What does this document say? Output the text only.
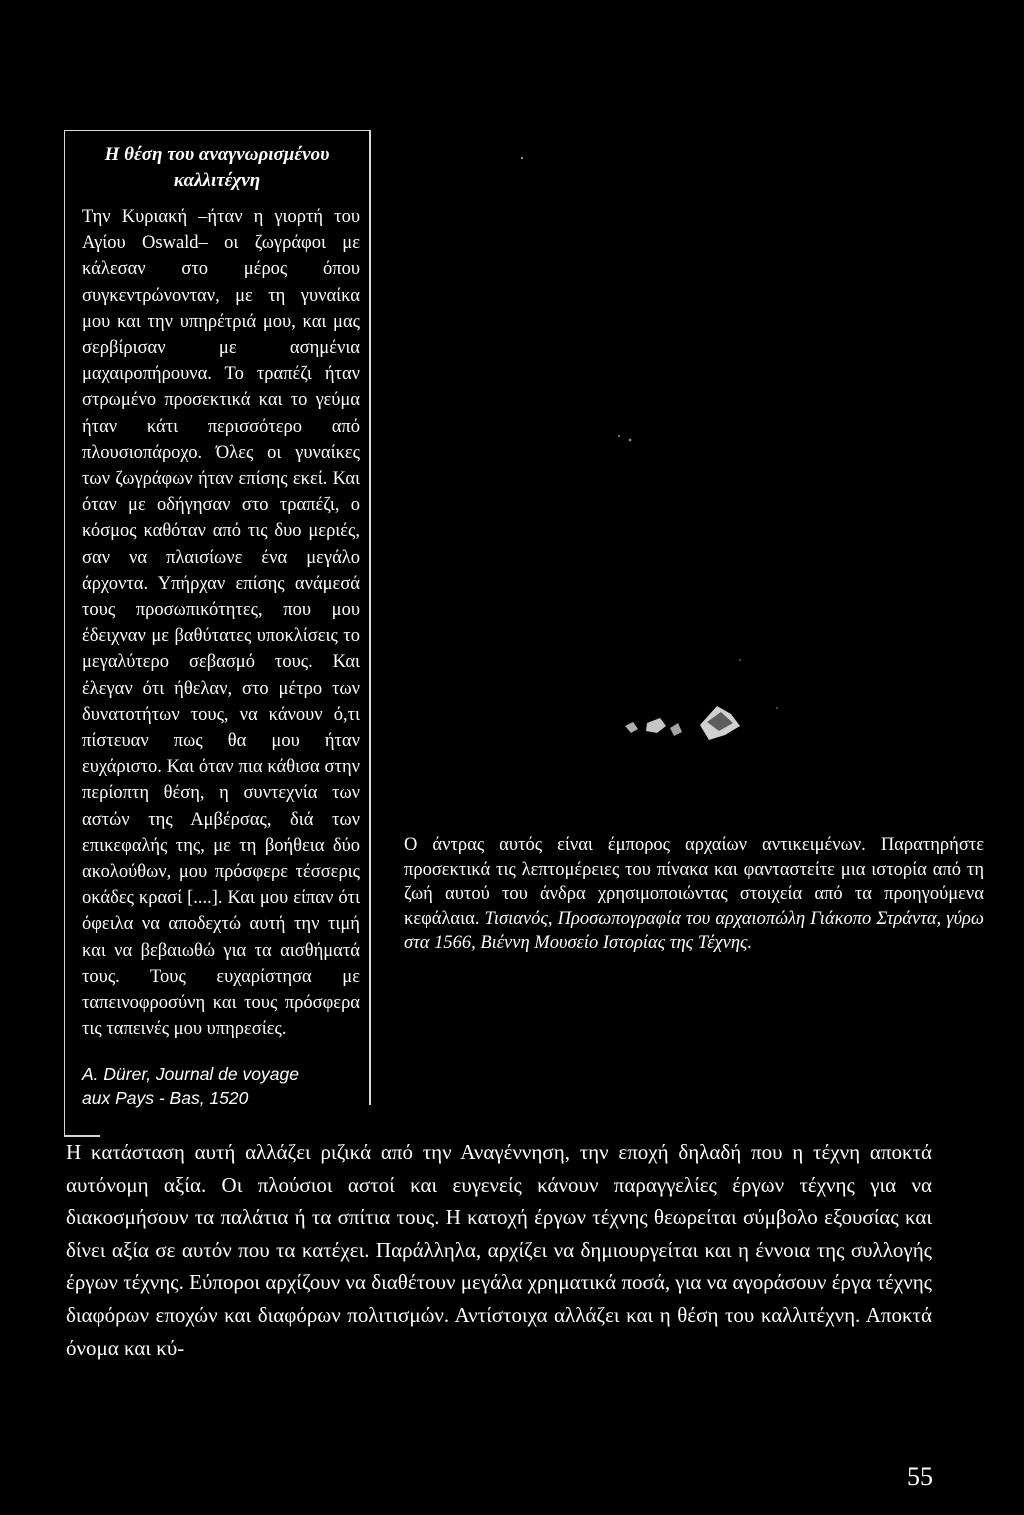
Η θέση του αναγνωρισμένου
καλλιτέχνη

Την Κυριακή –ήταν η γιορτή του Αγίου Oswald– οι ζωγράφοι με κάλεσαν στο μέρος όπου συγκεντρώνονταν, με τη γυναίκα μου και την υπηρέτριά μου, και μας σερβίρισαν με ασημένια μαχαιροπήρουνα. Το τραπέζι ήταν στρωμένο προσεκτικά και το γεύμα ήταν κάτι περισσότερο από πλουσιοπάροχο. Όλες οι γυναίκες των ζωγράφων ήταν επίσης εκεί. Και όταν με οδήγησαν στο τραπέζι, ο κόσμος καθόταν από τις δυο μεριές, σαν να πλαισίωνε ένα μεγάλο άρχοντα. Υπήρχαν επίσης ανάμεσά τους προσωπικότητες, που μου έδειχναν με βαθύτατες υποκλίσεις το μεγαλύτερο σεβασμό τους. Και έλεγαν ότι ήθελαν, στο μέτρο των δυνατοτήτων τους, να κάνουν ό,τι πίστευαν πως θα μου ήταν ευχάριστο. Και όταν πια κάθισα στην περίοπτη θέση, η συντεχνία των αστών της Αμβέρσας, διά των επικεφαλής της, με τη βοήθεια δύο ακολούθων, μου πρόσφερε τέσσερις οκάδες κρασί [....]. Και μου είπαν ότι όφειλα να αποδεχτώ αυτή την τιμή και να βεβαιωθώ για τα αισθήματά τους. Τους ευχαρίστησα με ταπεινοφροσύνη και τους πρόσφερα τις ταπεινές μου υπηρεσίες.

A. Dürer, Journal de voyage
aux Pays - Bas, 1520

Ο άντρας αυτός είναι έμπορος αρχαίων αντικειμένων. Παρατηρήστε προσεκτικά τις λεπτομέρειες του πίνακα και φανταστείτε μια ιστορία από τη ζωή αυτού του άνδρα χρησιμοποιώντας στοιχεία από τα προηγούμενα κεφάλαια. Τισιανός, Προσωπογραφία του αρχαιοπώλη Γιάκοπο Στράντα, γύρω στα 1566, Βιέννη Μουσείο Ιστορίας της Τέχνης.

Η κατάσταση αυτή αλλάζει ριζικά από την Αναγέννηση, την εποχή δηλαδή που η τέχνη αποκτά αυτόνομη αξία. Οι πλούσιοι αστοί και ευγενείς κάνουν παραγγελίες έργων τέχνης για να διακοσμήσουν τα παλάτια ή τα σπίτια τους. Η κατοχή έργων τέχνης θεωρείται σύμβολο εξουσίας και δίνει αξία σε αυτόν που τα κατέχει. Παράλληλα, αρχίζει να δημιουργείται και η έννοια της συλλογής έργων τέχνης. Εύποροι αρχίζουν να διαθέτουν μεγάλα χρηματικά ποσά, για να αγοράσουν έργα τέχνης διαφόρων εποχών και διαφόρων πολιτισμών. Αντίστοιχα αλλάζει και η θέση του καλλιτέχνη. Αποκτά όνομα και κύ-

55
